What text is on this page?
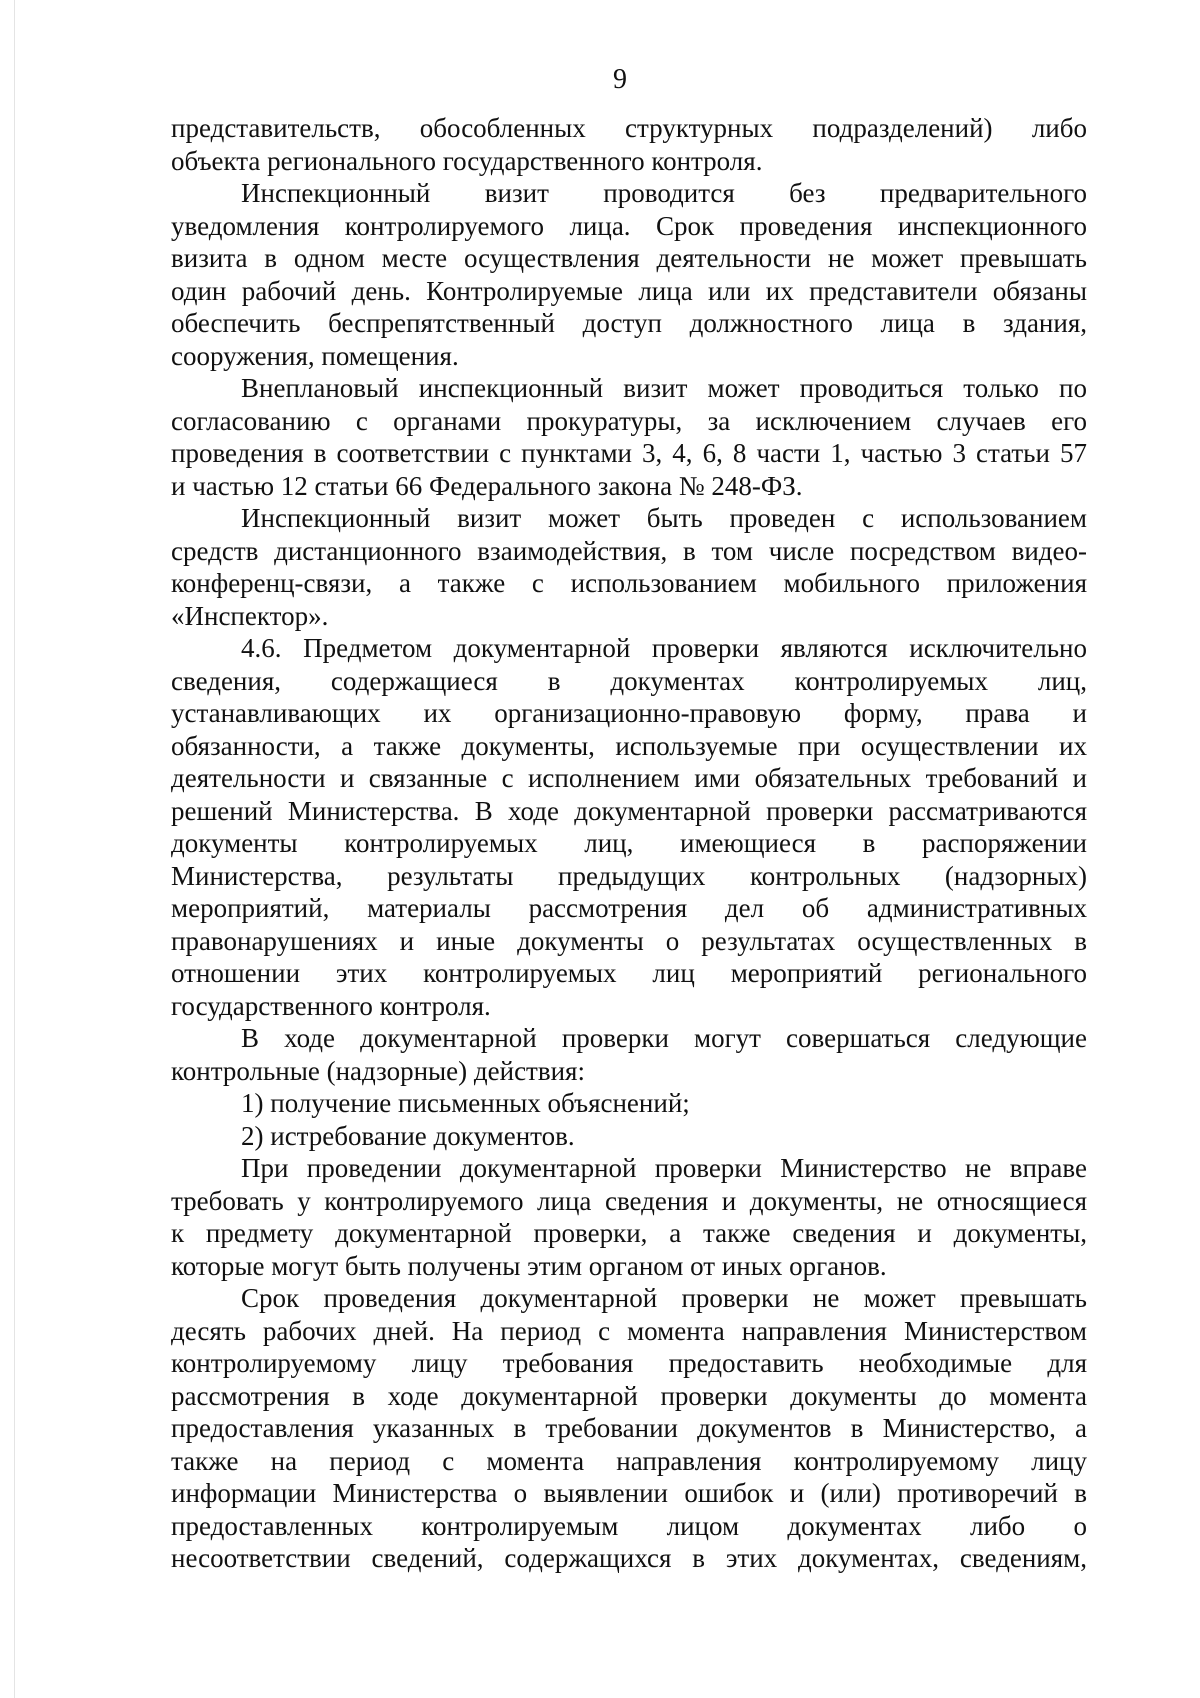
9
представительств, обособленных структурных подразделений) либо
объекта регионального государственного контроля.
Инспекционный визит проводится без предварительного
уведомления контролируемого лица. Срок проведения инспекционного
визита в одном месте осуществления деятельности не может превышать
один рабочий день. Контролируемые лица или их представители обязаны
обеспечить беспрепятственный доступ должностного лица в здания,
сооружения, помещения.
Внеплановый инспекционный визит может проводиться только по
согласованию с органами прокуратуры, за исключением случаев его
проведения в соответствии с пунктами 3, 4, 6, 8 части 1, частью 3 статьи 57
и частью 12 статьи 66 Федерального закона № 248-ФЗ.
Инспекционный визит может быть проведен с использованием
средств дистанционного взаимодействия, в том числе посредством видео-
конференц-связи, а также с использованием мобильного приложения
«Инспектор».
4.6. Предметом документарной проверки являются исключительно
сведения, содержащиеся в документах контролируемых лиц,
устанавливающих их организационно-правовую форму, права и
обязанности, а также документы, используемые при осуществлении их
деятельности и связанные с исполнением ими обязательных требований и
решений Министерства. В ходе документарной проверки рассматриваются
документы контролируемых лиц, имеющиеся в распоряжении
Министерства, результаты предыдущих контрольных (надзорных)
мероприятий, материалы рассмотрения дел об административных
правонарушениях и иные документы о результатах осуществленных в
отношении этих контролируемых лиц мероприятий регионального
государственного контроля.
В ходе документарной проверки могут совершаться следующие
контрольные (надзорные) действия:
1) получение письменных объяснений;
2) истребование документов.
При проведении документарной проверки Министерство не вправе
требовать у контролируемого лица сведения и документы, не относящиеся
к предмету документарной проверки, а также сведения и документы,
которые могут быть получены этим органом от иных органов.
Срок проведения документарной проверки не может превышать
десять рабочих дней. На период с момента направления Министерством
контролируемому лицу требования предоставить необходимые для
рассмотрения в ходе документарной проверки документы до момента
предоставления указанных в требовании документов в Министерство, а
также на период с момента направления контролируемому лицу
информации Министерства о выявлении ошибок и (или) противоречий в
предоставленных контролируемым лицом документах либо о
несоответствии сведений, содержащихся в этих документах, сведениям,
